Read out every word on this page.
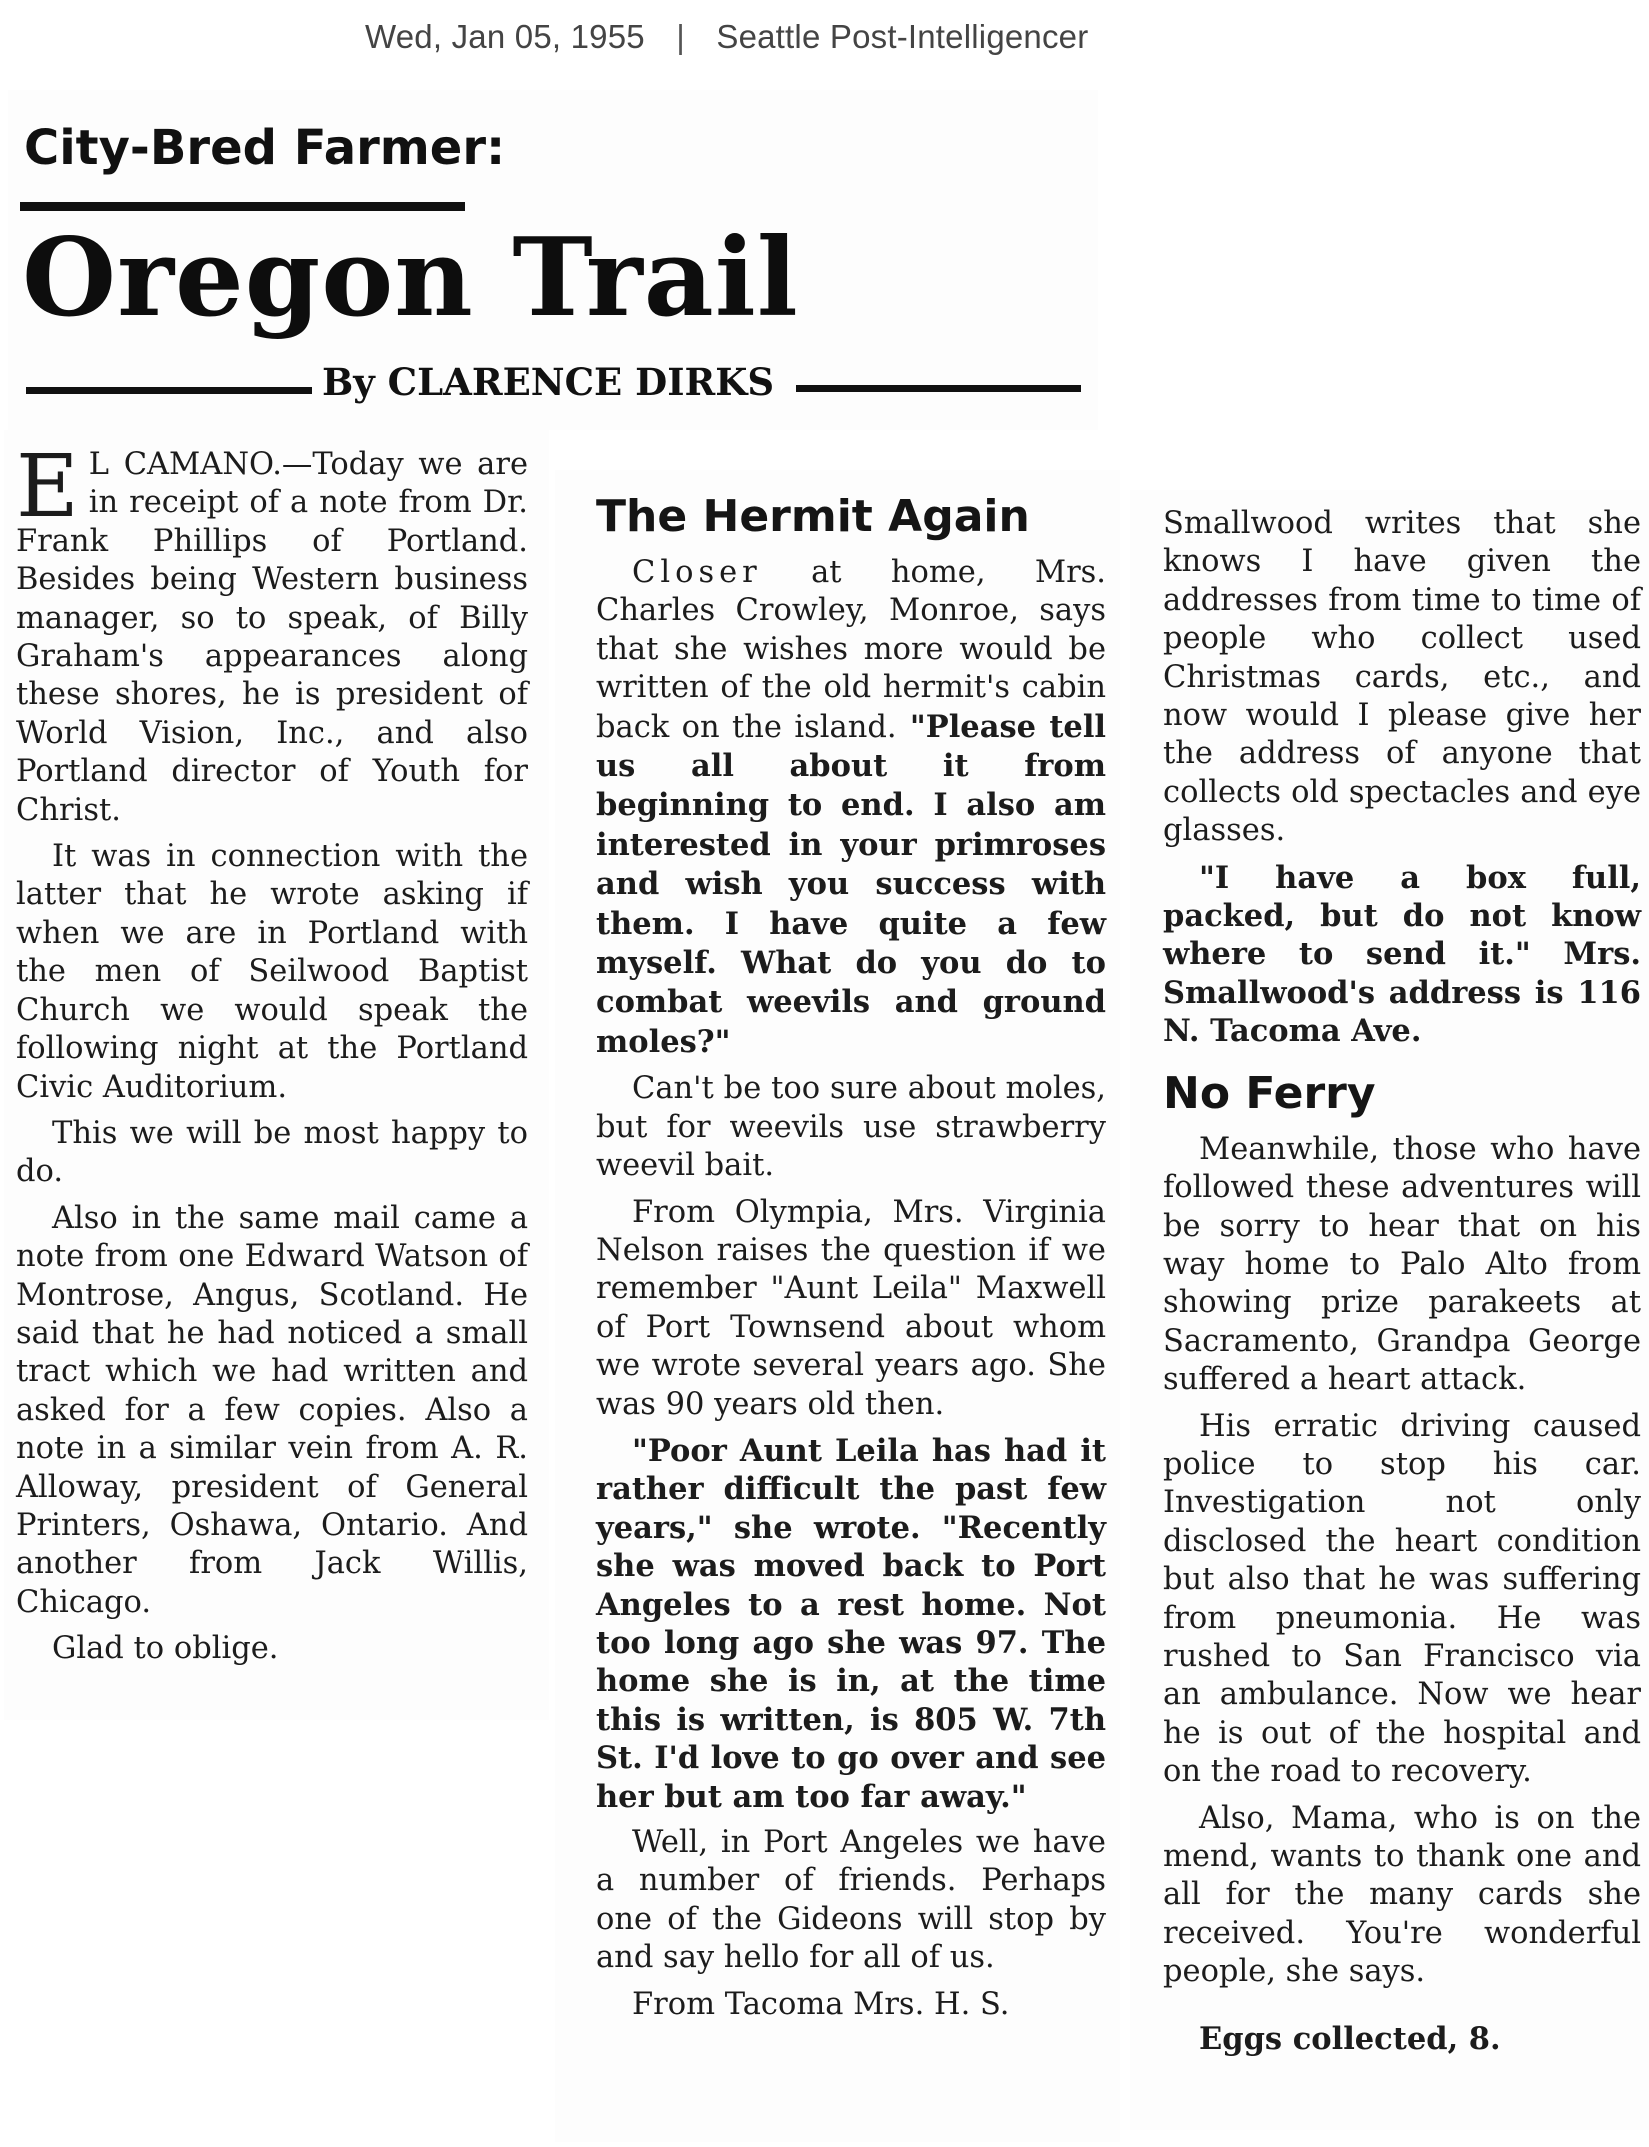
Wed, Jan 05, 1955 | Seattle Post-Intelligencer
City-Bred Farmer:
Oregon Trail
By CLARENCE DIRKS

E L CAMANO.—Today we are in receipt of a note from Dr. Frank Phillips of Portland. Besides being Western business manager, so to speak, of Billy Graham's appearances along these shores, he is president of World Vision, Inc., and also Portland director of Youth for Christ.

It was in connection with the latter that he wrote asking if when we are in Portland with the men of Seilwood Baptist Church we would speak the following night at the Portland Civic Auditorium.

This we will be most happy to do.

Also in the same mail came a note from one Edward Watson of Montrose, Angus, Scotland. He said that he had noticed a small tract which we had written and asked for a few copies. Also a note in a similar vein from A. R. Alloway, president of General Printers, Oshawa, Ontario. And another from Jack Willis, Chicago.

Glad to oblige.

The Hermit Again

Closer at home, Mrs. Charles Crowley, Monroe, says that she wishes more would be written of the old hermit's cabin back on the island. "Please tell us all about it from beginning to end. I also am interested in your primroses and wish you success with them. I have quite a few myself. What do you do to combat weevils and ground moles?"

Can't be too sure about moles, but for weevils use strawberry weevil bait.

From Olympia, Mrs. Virginia Nelson raises the question if we remember "Aunt Leila" Maxwell of Port Townsend about whom we wrote several years ago. She was 90 years old then.

"Poor Aunt Leila has had it rather difficult the past few years," she wrote. "Recently she was moved back to Port Angeles to a rest home. Not too long ago she was 97. The home she is in, at the time this is written, is 805 W. 7th St. I'd love to go over and see her but am too far away."

Well, in Port Angeles we have a number of friends. Perhaps one of the Gideons will stop by and say hello for all of us.

From Tacoma Mrs. H. S.

Smallwood writes that she knows I have given the addresses from time to time of people who collect used Christmas cards, etc., and now would I please give her the address of anyone that collects old spectacles and eye glasses.

"I have a box full, packed, but do not know where to send it." Mrs. Smallwood's address is 116 N. Tacoma Ave.

No Ferry

Meanwhile, those who have followed these adventures will be sorry to hear that on his way home to Palo Alto from showing prize parakeets at Sacramento, Grandpa George suffered a heart attack.

His erratic driving caused police to stop his car. Investigation not only disclosed the heart condition but also that he was suffering from pneumonia. He was rushed to San Francisco via an ambulance. Now we hear he is out of the hospital and on the road to recovery.

Also, Mama, who is on the mend, wants to thank one and all for the many cards she received. You're wonderful people, she says.

Eggs collected, 8.
